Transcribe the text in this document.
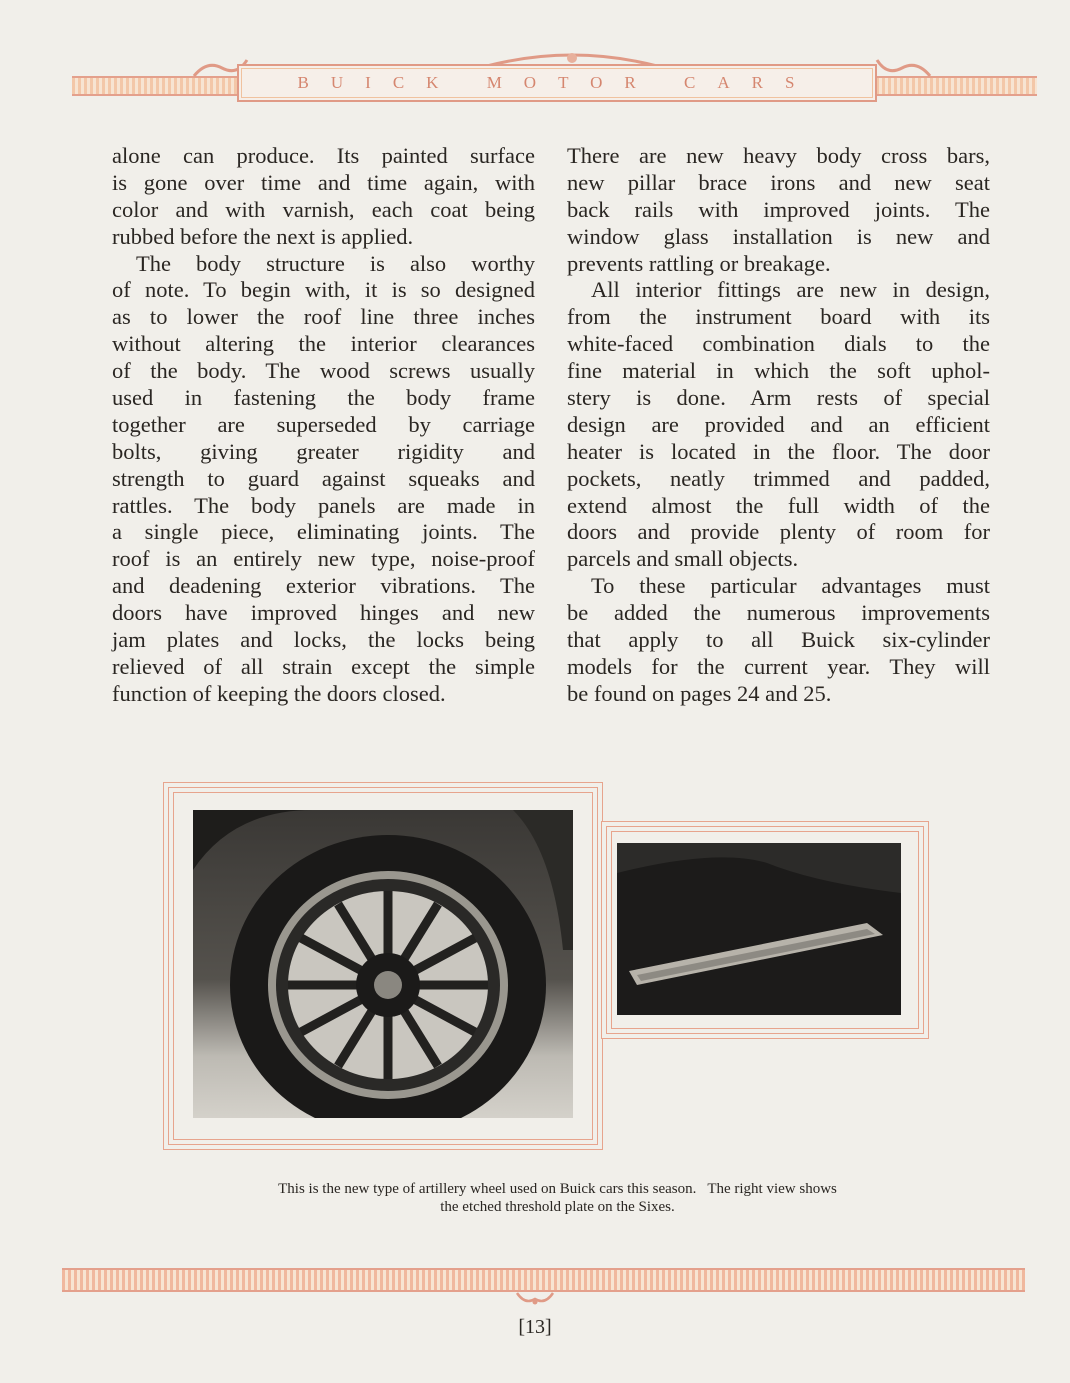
BUICK MOTOR CARS
alone can produce. Its painted surface
is gone over time and time again, with
color and with varnish, each coat being
rubbed before the next is applied.
The body structure is also worthy
of note. To begin with, it is so designed
as to lower the roof line three inches
without altering the interior clearances
of the body. The wood screws usually
used in fastening the body frame
together are superseded by carriage
bolts, giving greater rigidity and
strength to guard against squeaks and
rattles. The body panels are made in
a single piece, eliminating joints. The
roof is an entirely new type, noise-proof
and deadening exterior vibrations. The
doors have improved hinges and new
jam plates and locks, the locks being
relieved of all strain except the simple
function of keeping the doors closed.
There are new heavy body cross bars,
new pillar brace irons and new seat
back rails with improved joints. The
window glass installation is new and
prevents rattling or breakage.
All interior fittings are new in design,
from the instrument board with its
white-faced combination dials to the
fine material in which the soft uphol-
stery is done. Arm rests of special
design are provided and an efficient
heater is located in the floor. The door
pockets, neatly trimmed and padded,
extend almost the full width of the
doors and provide plenty of room for
parcels and small objects.
To these particular advantages must
be added the numerous improvements
that apply to all Buick six-cylinder
models for the current year. They will
be found on pages 24 and 25.
This is the new type of artillery wheel used on Buick cars this season.   The right view shows
the etched threshold plate on the Sixes.
[13]
